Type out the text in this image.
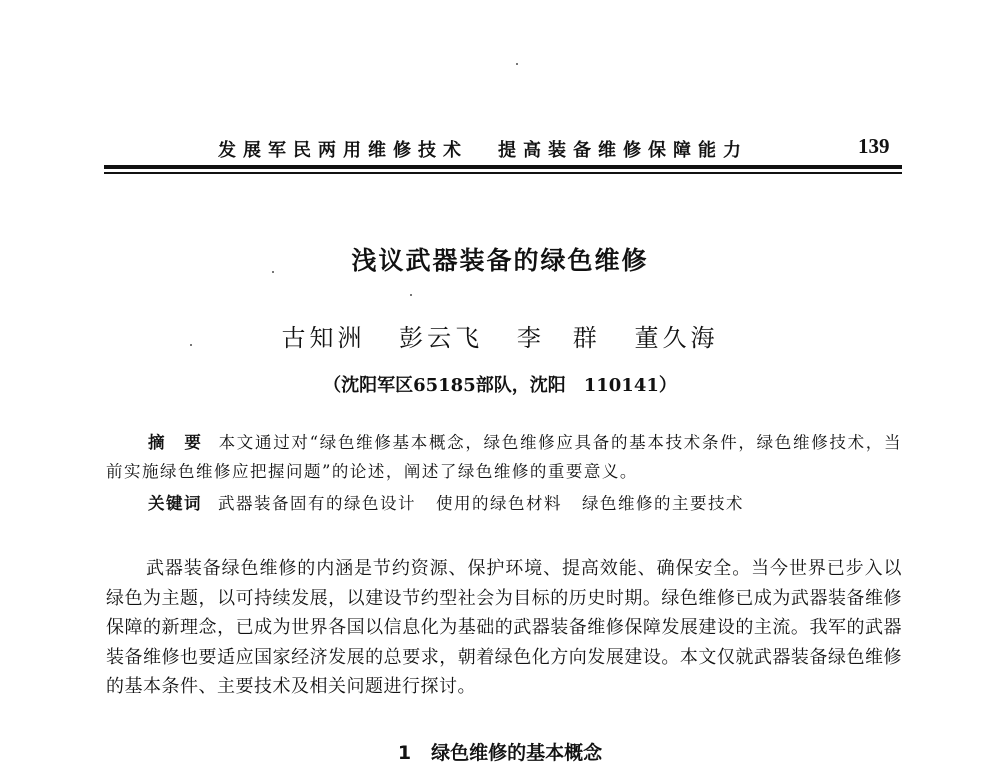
发展军民两用维修技术 提高装备维修保障能力	139
浅议武器装备的绿色维修
古知洲 彭云飞 李　群 董久海
（沈阳军区65185部队，沈阳　110141）
摘　要 本文通过对“绿色维修基本概念，绿色维修应具备的基本技术条件，绿色维修技术，当前实施绿色维修应把握问题”的论述，阐述了绿色维修的重要意义。
关键词 武器装备固有的绿色设计 使用的绿色材料 绿色维修的主要技术
武器装备绿色维修的内涵是节约资源、保护环境、提高效能、确保安全。当今世界已步入以绿色为主题，以可持续发展，以建设节约型社会为目标的历史时期。绿色维修已成为武器装备维修保障的新理念，已成为世界各国以信息化为基础的武器装备维修保障发展建设的主流。我军的武器装备维修也要适应国家经济发展的总要求，朝着绿色化方向发展建设。本文仅就武器装备绿色维修的基本条件、主要技术及相关问题进行探讨。
1 绿色维修的基本概念
